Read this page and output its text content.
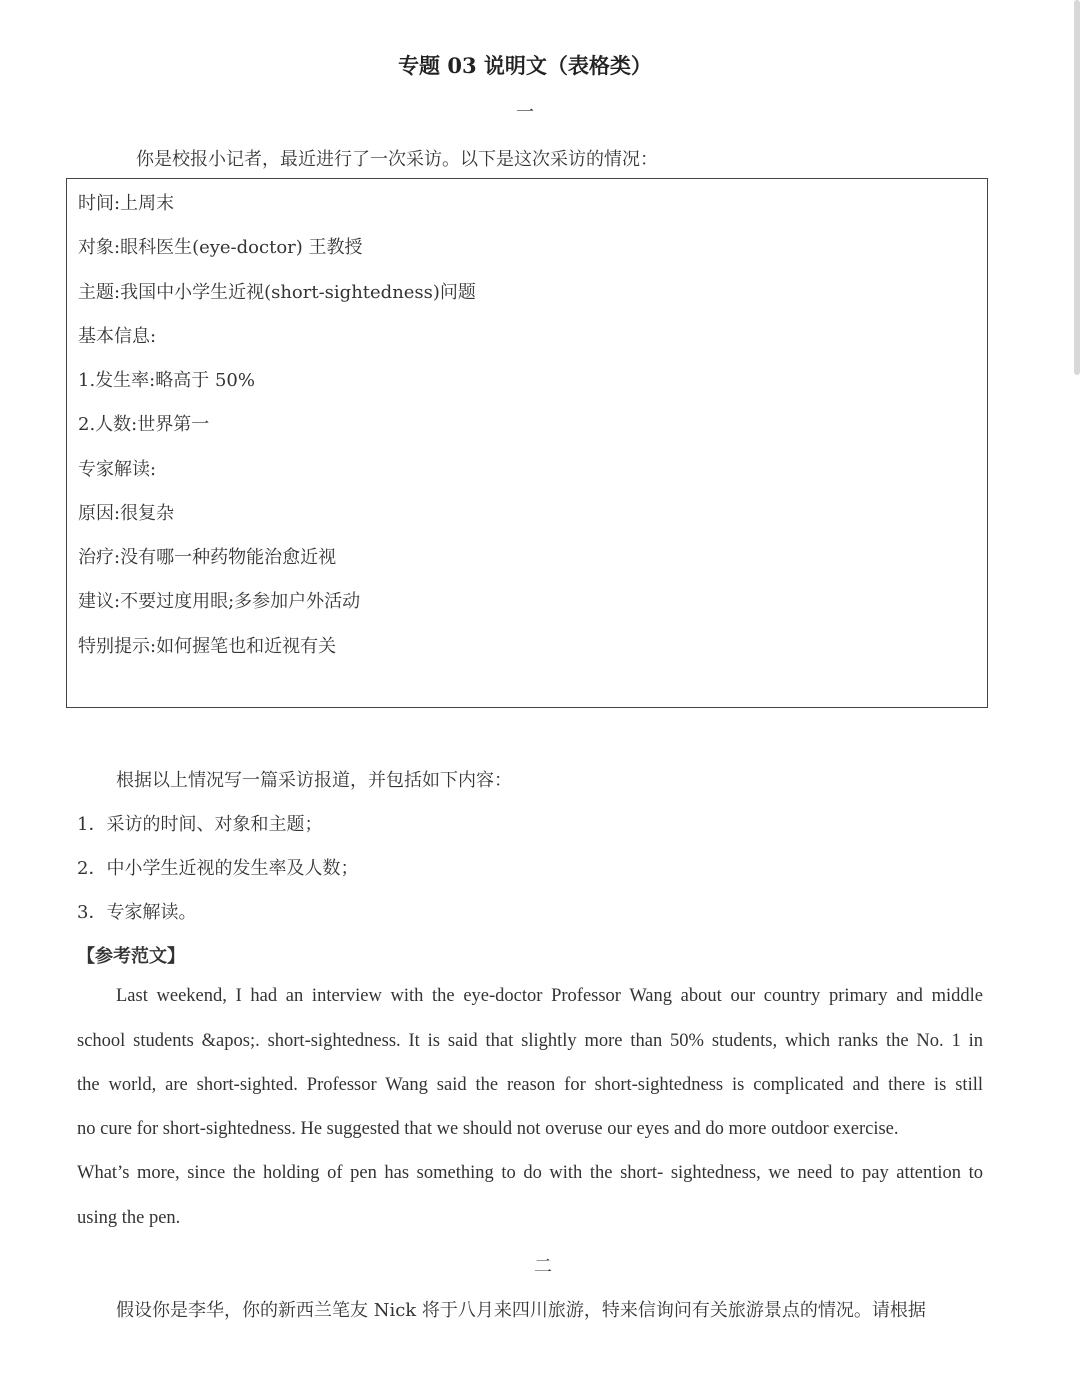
专题 03 说明文（表格类）
一
你是校报小记者，最近进行了一次采访。以下是这次采访的情况：
时间:上周末
对象:眼科医生(eye-doctor) 王教授
主题:我国中小学生近视(short-sightedness)问题
基本信息:
1.发生率:略高于 50%
2.人数:世界第一
专家解读:
原因:很复杂
治疗:没有哪一种药物能治愈近视
建议:不要过度用眼;多参加户外活动
特别提示:如何握笔也和近视有关
根据以上情况写一篇采访报道，并包括如下内容：
1．采访的时间、对象和主题；
2．中小学生近视的发生率及人数；
3．专家解读。
【参考范文】
Last weekend, I had an interview with the eye-doctor Professor Wang about our country primary and middle
school students &apos;. short-sightedness. It is said that slightly more than 50% students, which ranks the No. 1 in
the world, are short-sighted. Professor Wang said the reason for short-sightedness is complicated and there is still
no cure for short-sightedness. He suggested that we should not overuse our eyes and do more outdoor exercise.
What’s more, since the holding of pen has something to do with the short- sightedness, we need to pay attention to
using the pen.
二
假设你是李华，你的新西兰笔友 Nick 将于八月来四川旅游，特来信询问有关旅游景点的情况。请根据
